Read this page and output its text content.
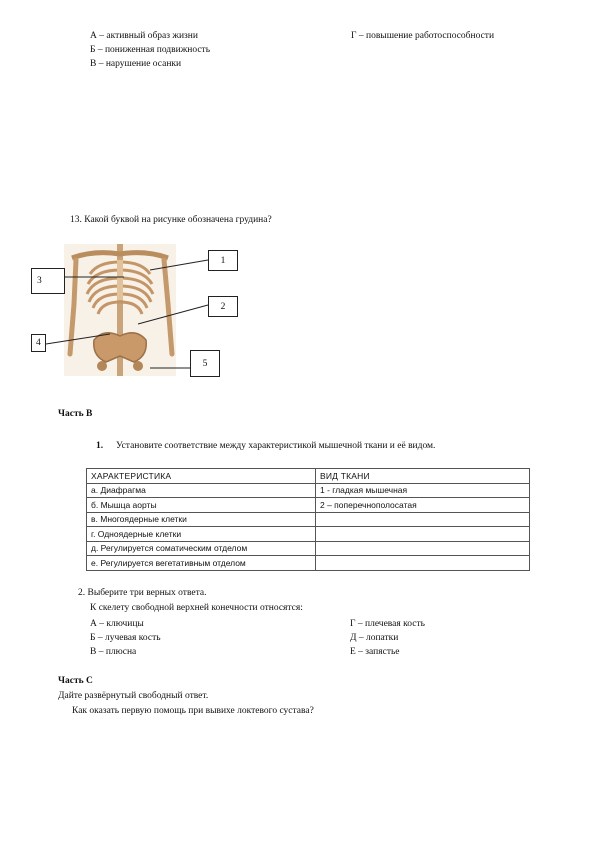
А – активный образ жизни
Б – пониженная подвижность
В – нарушение осанки
Г – повышение работоспособности
13. Какой буквой на рисунке обозначена грудина?
1
2
3
4
5
Часть В
1. Установите соответствие между характеристикой мышечной ткани и её видом.
ХАРАКТЕРИСТИКА	ВИД ТКАНИ
а. Диафрагма	1 - гладкая мышечная
б. Мышца аорты	2 – поперечнополосатая
в. Многоядерные клетки	
г. Одноядерные клетки	
д. Регулируется соматическим отделом	
е. Регулируется вегетативным отделом	
2. Выберите три верных ответа.
К скелету свободной верхней конечности относятся:
А – ключицы
Б – лучевая кость
В – плюсна
Г – плечевая кость
Д – лопатки
Е – запястье
Часть С
Дайте развёрнутый свободный ответ.
Как оказать первую помощь при вывихе локтевого сустава?
